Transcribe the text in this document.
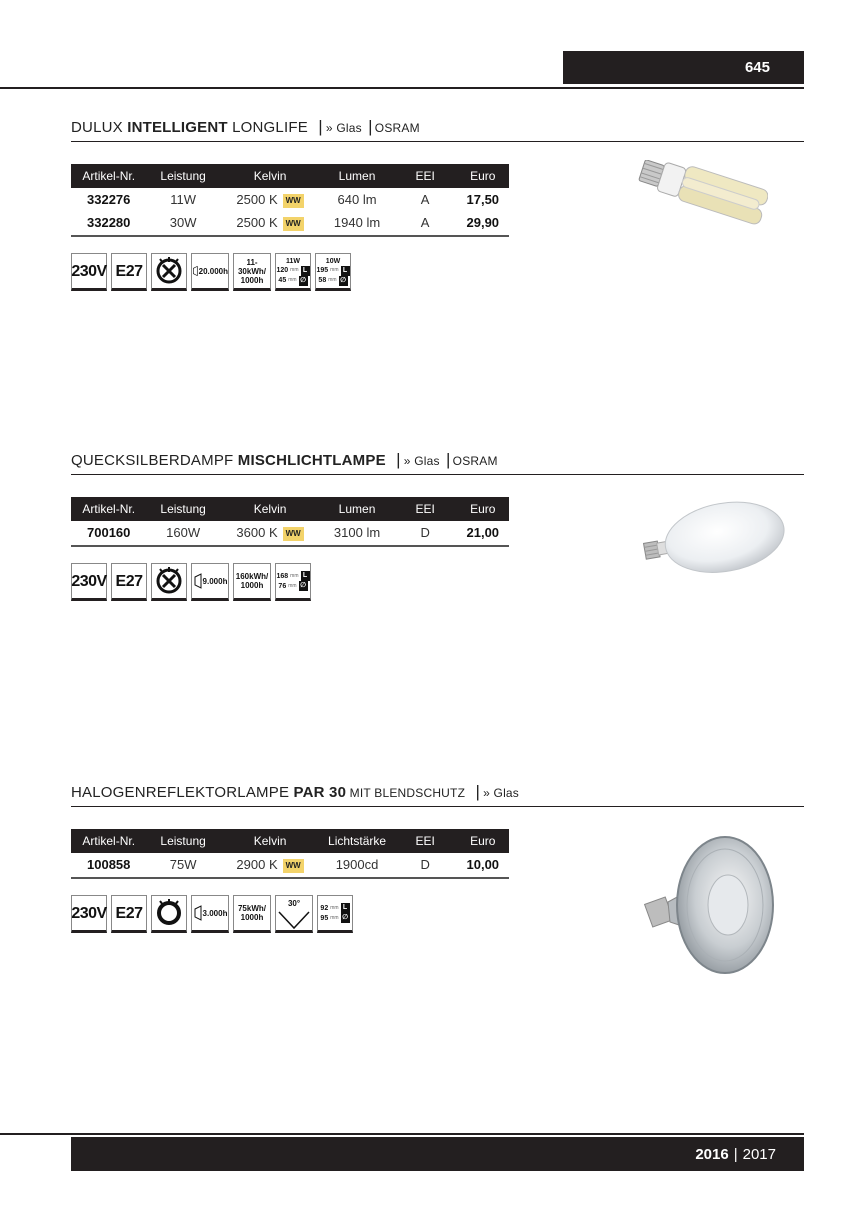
645
DULUX INTELLIGENT LONGLIFE | » Glas | OSRAM
Artikel-Nr.	Leistung	Kelvin	Lumen	EEI	Euro
332276	11W	2500 K WW	640 lm	A	17,50
332280	30W	2500 K WW	1940 lm	A	29,90
230V E27	20.000h
11-30kWh/ 1000h
11W
120 mm L
45 mm ∅
10W
195 mm L
58 mm ∅
QUECKSILBERDAMPF MISCHLICHTLAMPE | » Glas | OSRAM
Artikel-Nr.	Leistung	Kelvin	Lumen	EEI	Euro
700160	160W	3600 K WW	3100 lm	D	21,00
230V E27	9.000h	160kWh/ 1000h
168 mm L
76 mm ∅
HALOGENREFLEKTORLAMPE PAR 30 MIT BLENDSCHUTZ | » Glas
Artikel-Nr.	Leistung	Kelvin	Lichtstärke	EEI	Euro
100858	75W	2900 K WW	1900cd	D	10,00
230V E27	3.000h	75kWh/ 1000h
30°	92 mm L
95 mm ∅
2016 | 2017
